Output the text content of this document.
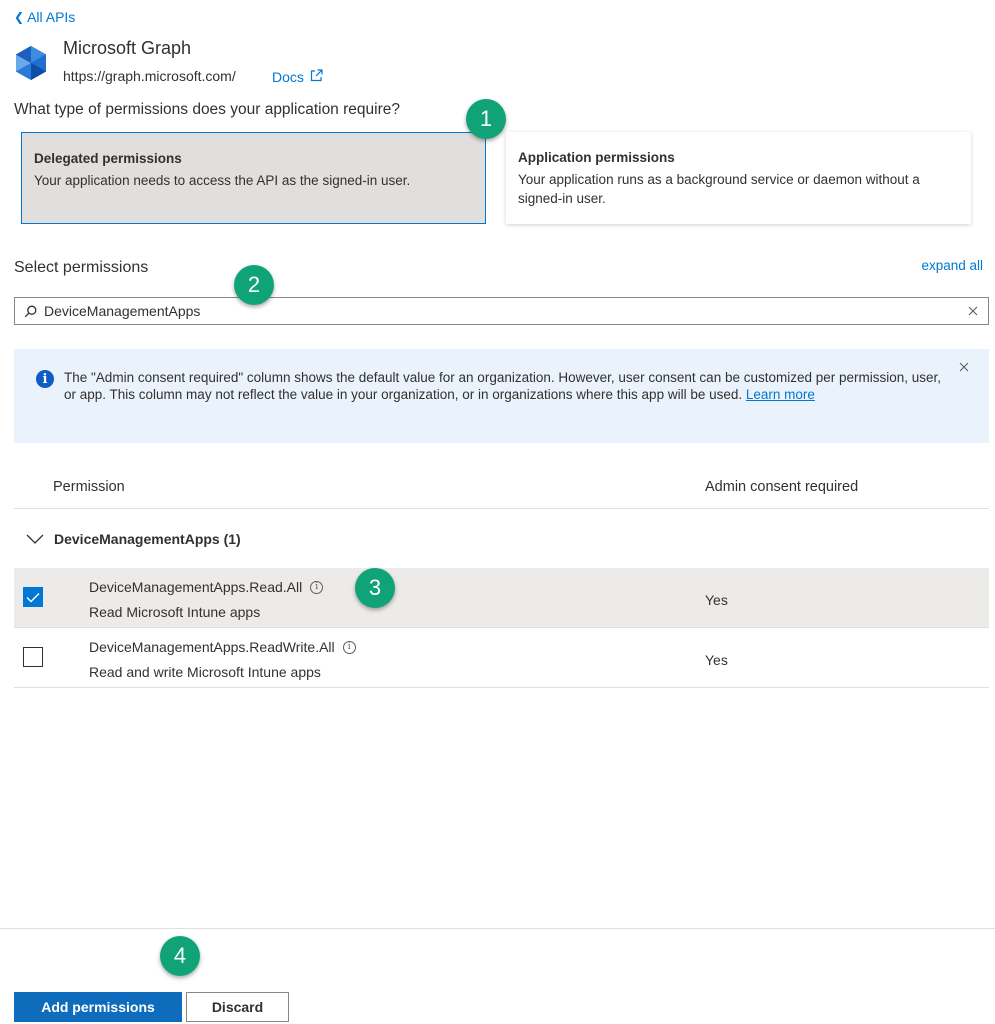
❮ All APIs
Microsoft Graph
https://graph.microsoft.com/	Docs
What type of permissions does your application require?
Delegated permissions
Your application needs to access the API as the signed-in user.
Application permissions
Your application runs as a background service or daemon without a signed-in user.
Select permissions	expand all
DeviceManagementApps
i	The "Admin consent required" column shows the default value for an organization. However, user consent can be customized per permission, user, or app. This column may not reflect the value in your organization, or in organizations where this app will be used. Learn more
Permission	Admin consent required
DeviceManagementApps (1)
DeviceManagementApps.Read.All	i
Read Microsoft Intune apps
Yes
DeviceManagementApps.ReadWrite.All	i
Read and write Microsoft Intune apps
Yes
1
2
3
4
Add permissions	Discard
